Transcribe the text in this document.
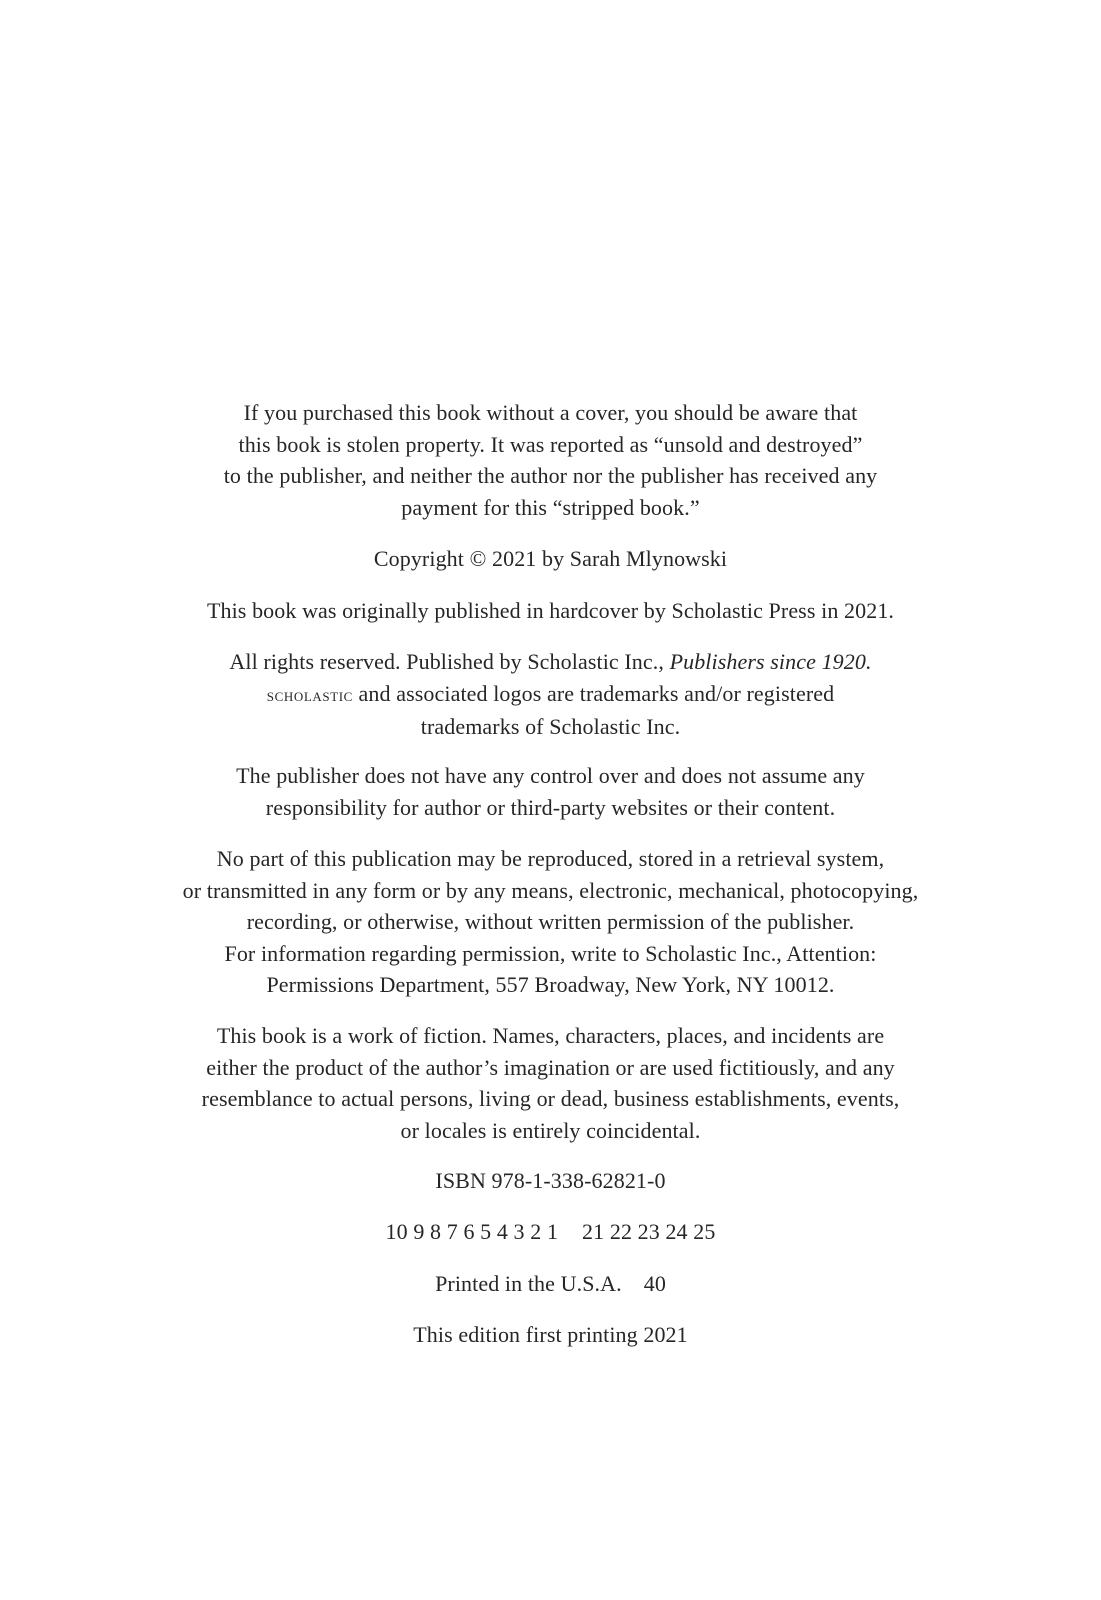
If you purchased this book without a cover, you should be aware that
this book is stolen property. It was reported as “unsold and destroyed”
to the publisher, and neither the author nor the publisher has received any
payment for this “stripped book.”
Copyright © 2021 by Sarah Mlynowski
This book was originally published in hardcover by Scholastic Press in 2021.
All rights reserved. Published by Scholastic Inc., Publishers since 1920.
scholastic and associated logos are trademarks and/or registered
trademarks of Scholastic Inc.
The publisher does not have any control over and does not assume any
responsibility for author or third-party websites or their content.
No part of this publication may be reproduced, stored in a retrieval system,
or transmitted in any form or by any means, electronic, mechanical, photocopying,
recording, or otherwise, without written permission of the publisher.
For information regarding permission, write to Scholastic Inc., Attention:
Permissions Department, 557 Broadway, New York, NY 10012.
This book is a work of fiction. Names, characters, places, and incidents are
either the product of the author’s imagination or are used fictitiously, and any
resemblance to actual persons, living or dead, business establishments, events,
or locales is entirely coincidental.
ISBN 978-1-338-62821-0
10 9 8 7 6 5 4 3 2 1 21 22 23 24 25
Printed in the U.S.A. 40
This edition first printing 2021
